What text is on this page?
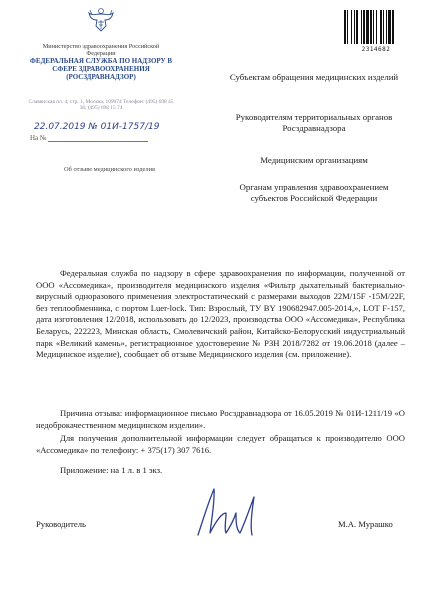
Министерство здравоохранения Российской Федерации
ФЕДЕРАЛЬНАЯ СЛУЖБА ПО НАДЗОРУ В СФЕРЕ ЗДРАВООХРАНЕНИЯ (РОСЗДРАВНАДЗОР)
Славянская пл. 4, стр. 1, Москва, 109074 Телефон: (495) 698 45 38; (495) 698 15 74
22.07.2019 № 01И-1757/19
На №
Об отзыве медицинского изделия
2314682
Субъектам обращения медицинских изделий
Руководителям территориальных органов Росздравнадзора
Медицинским организациям
Органам управления здравоохранением субъектов Российской Федерации
Федеральная служба по надзору в сфере здравоохранения по информации, полученной от ООО «Ассомедика», производителя медицинского изделия «Фильтр дыхательный бактериально-вирусный одноразового применения электростатический с размерами выходов 22M/15F -15M/22F, без теплообменника, с портом Luer-lock. Тип: Взрослый, ТУ BY 190682947.005-2014,», LOT F-157, дата изготовления 12/2018, использовать до 12/2023, производства ООО «Ассомедика», Республика Беларусь, 222223, Минская область, Смолевичский район, Китайско-Белорусский индустриальный парк «Великий камень», регистрационное удостоверение № РЗН 2018/7282 от 19.06.2018 (далее – Медицинское изделие), сообщает об отзыве Медицинского изделия (см. приложение).
Причина отзыва: информационное письмо Росздравнадзора от 16.05.2019 № 01И-1211/19 «О недоброкачественном медицинском изделии».
Для получения дополнительной информации следует обращаться к производителю ООО «Ассомедика» по телефону: + 375(17) 307 7616.
Приложение: на 1 л. в 1 экз.
Руководитель	М.А. Мурашко
